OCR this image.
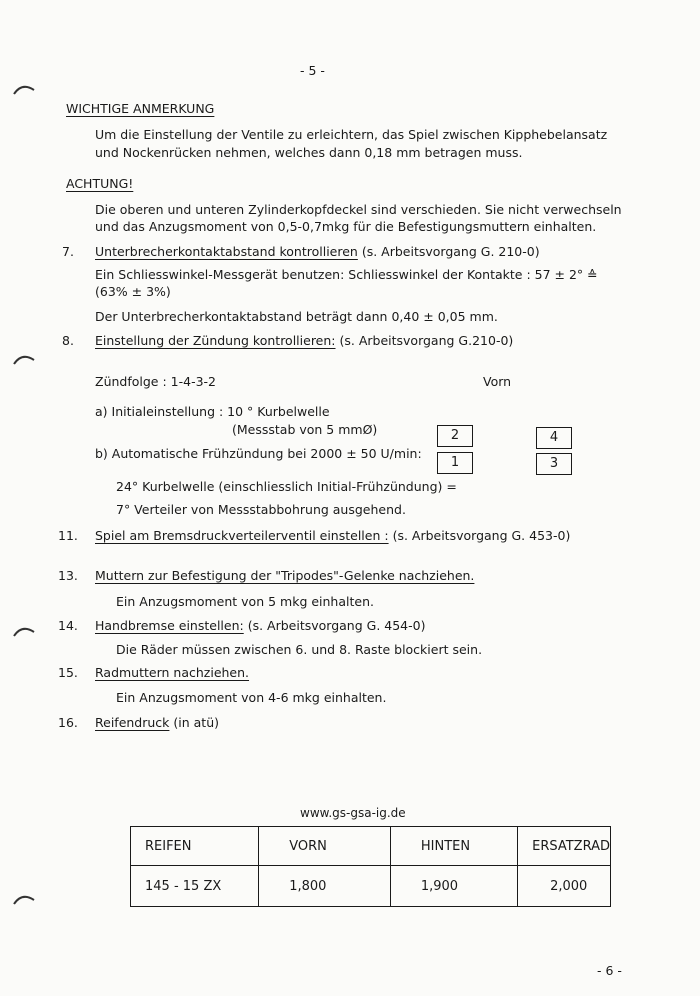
- 5 -
WICHTIGE ANMERKUNG
Um die Einstellung der Ventile zu erleichtern, das Spiel zwischen Kipphebelansatz
und Nockenrücken nehmen, welches dann 0,18 mm betragen muss.
ACHTUNG!
Die oberen und unteren Zylinderkopfdeckel sind verschieden. Sie nicht verwechseln
und das Anzugsmoment von 0,5-0,7mkg für die Befestigungsmuttern einhalten.
7. Unterbrecherkontaktabstand kontrollieren (s. Arbeitsvorgang G. 210-0)
Ein Schliesswinkel-Messgerät benutzen: Schliesswinkel der Kontakte : 57 ± 2° ≙
(63% ± 3%)
Der Unterbrecherkontaktabstand beträgt dann 0,40 ± 0,05 mm.
8. Einstellung der Zündung kontrollieren: (s. Arbeitsvorgang G.210-0)
Zündfolge : 1-4-3-2	Vorn
a) Initialeinstellung : 10 ° Kurbelwelle
(Messstab von 5 mmØ)
b) Automatische Frühzündung bei 2000 ± 50 U/min:
24° Kurbelwelle (einschliesslich Initial-Frühzündung) =
7° Verteiler von Messstabbohrung ausgehend.
2
1
4
3
11. Spiel am Bremsdruckverteilerventil einstellen : (s. Arbeitsvorgang G. 453-0)
13. Muttern zur Befestigung der "Tripodes"-Gelenke nachziehen.
Ein Anzugsmoment von 5 mkg einhalten.
14. Handbremse einstellen: (s. Arbeitsvorgang G. 454-0)
Die Räder müssen zwischen 6. und 8. Raste blockiert sein.
15. Radmuttern nachziehen.
Ein Anzugsmoment von 4-6 mkg einhalten.
16. Reifendruck (in atü)
www.gs-gsa-ig.de
REIFEN	VORN	HINTEN	ERSATZRAD
145 - 15 ZX	1,800	1,900	2,000
- 6 -
